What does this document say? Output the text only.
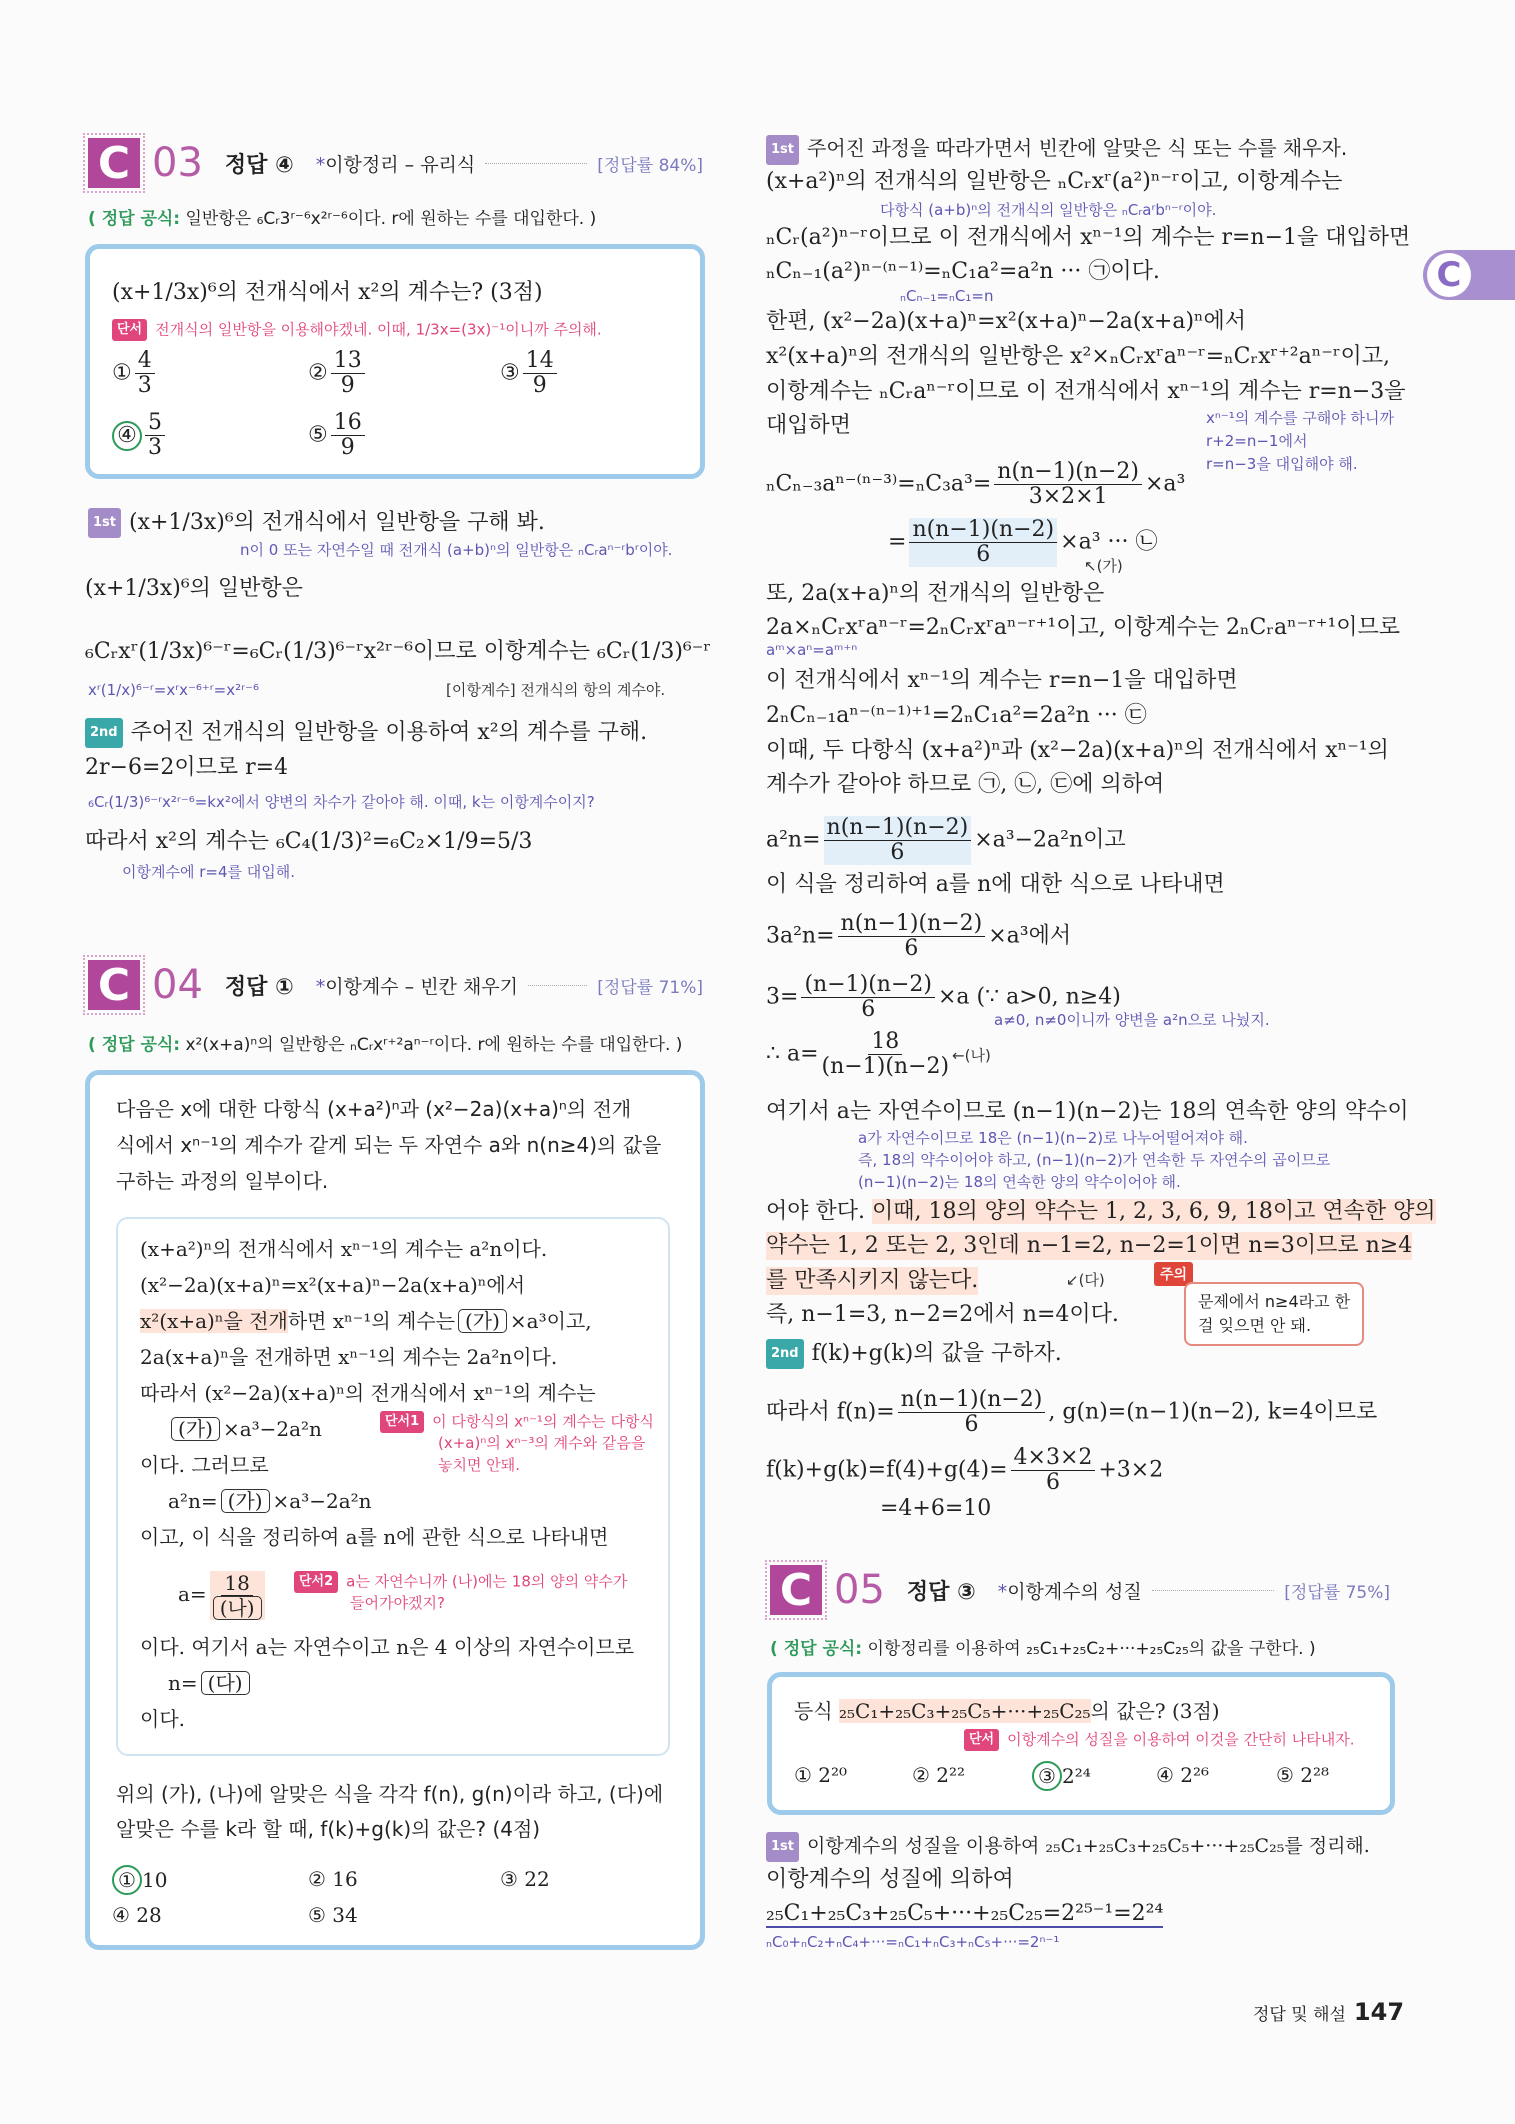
C
C 03 정답 ④ *이항정리 – 유리식	[정답률 84%]
( 정답 공식: 일반항은 ₆Cᵣ3ʳ⁻⁶x²ʳ⁻⁶이다. r에 원하는 수를 대입한다. )
(x+1/3x)⁶의 전개식에서 x²의 계수는? (3점)
단서 전개식의 일반항을 이용해야겠네. 이때, 1/3x=(3x)⁻¹이니까 주의해.
① $\frac{4}{3}$	② $\frac{13}{9}$	③ $\frac{14}{9}$
④ $\frac{5}{3}$	⑤ $\frac{16}{9}$
1st (x+1/3x)⁶의 전개식에서 일반항을 구해 봐.
n이 0 또는 자연수일 때 전개식 (a+b)ⁿ의 일반항은 ₙCᵣaⁿ⁻ʳbʳ이야.
(x+1/3x)⁶의 일반항은
₆Cᵣxʳ(1/3x)⁶⁻ʳ=₆Cᵣ(1/3)⁶⁻ʳx²ʳ⁻⁶이므로 이항계수는 ₆Cᵣ(1/3)⁶⁻ʳ
xʳ(1/x)⁶⁻ʳ=xʳx⁻⁶⁺ʳ=x²ʳ⁻⁶	[이항계수] 전개식의 항의 계수야.
2nd 주어진 전개식의 일반항을 이용하여 x²의 계수를 구해.
2r−6=2이므로 r=4
₆Cᵣ(1/3)⁶⁻ʳx²ʳ⁻⁶=kx²에서 양변의 차수가 같아야 해. 이때, k는 이항계수이지?
따라서 x²의 계수는 ₆C₄(1/3)²=₆C₂×1/9=5/3
이항계수에 r=4를 대입해.
C 04 정답 ① *이항계수 – 빈칸 채우기	[정답률 71%]
( 정답 공식: x²(x+a)ⁿ의 일반항은 ₙCᵣxʳ⁺²aⁿ⁻ʳ이다. r에 원하는 수를 대입한다. )
다음은 x에 대한 다항식 (x+a²)ⁿ과 (x²−2a)(x+a)ⁿ의 전개
식에서 xⁿ⁻¹의 계수가 같게 되는 두 자연수 a와 n(n≥4)의 값을
구하는 과정의 일부이다.
(x+a²)ⁿ의 전개식에서 xⁿ⁻¹의 계수는 a²n이다.
(x²−2a)(x+a)ⁿ=x²(x+a)ⁿ−2a(x+a)ⁿ에서
x²(x+a)ⁿ을 전개하면 xⁿ⁻¹의 계수는 (가) ×a³이고,
2a(x+a)ⁿ을 전개하면 xⁿ⁻¹의 계수는 2a²n이다.
따라서 (x²−2a)(x+a)ⁿ의 전개식에서 xⁿ⁻¹의 계수는
(가) ×a³−2a²n	단서1 이 다항식의 xⁿ⁻¹의 계수는 다항식
(x+a)ⁿ의 xⁿ⁻³의 계수와 같음을
놓치면 안돼.
이다. 그러므로
a²n= (가) ×a³−2a²n
이고, 이 식을 정리하여 a를 n에 관한 식으로 나타내면
$a= \frac{18}{\text{(나)}}$	단서2 a는 자연수니까 (나)에는 18의 양의 약수가
들어가야겠지?
이다. 여기서 a는 자연수이고 n은 4 이상의 자연수이므로
n= (다)
이다.
위의 (가), (나)에 알맞은 식을 각각 f(n), g(n)이라 하고, (다)에
알맞은 수를 k라 할 때, f(k)+g(k)의 값은? (4점)
① 10	② 16	③ 22
④ 28	⑤ 34
1st 주어진 과정을 따라가면서 빈칸에 알맞은 식 또는 수를 채우자.
(x+a²)ⁿ의 전개식의 일반항은 ₙCᵣxʳ(a²)ⁿ⁻ʳ이고, 이항계수는
다항식 (a+b)ⁿ의 전개식의 일반항은 ₙCᵣaʳbⁿ⁻ʳ이야.
ₙCᵣ(a²)ⁿ⁻ʳ이므로 이 전개식에서 xⁿ⁻¹의 계수는 r=n−1을 대입하면
ₙCₙ₋₁(a²)ⁿ⁻⁽ⁿ⁻¹⁾=ₙC₁a²=a²n ··· ㉠이다.
ₙCₙ₋₁=ₙC₁=n
한편, (x²−2a)(x+a)ⁿ=x²(x+a)ⁿ−2a(x+a)ⁿ에서
x²(x+a)ⁿ의 전개식의 일반항은 x²×ₙCᵣxʳaⁿ⁻ʳ=ₙCᵣxʳ⁺²aⁿ⁻ʳ이고,
이항계수는 ₙCᵣaⁿ⁻ʳ이므로 이 전개식에서 xⁿ⁻¹의 계수는 r=n−3을
대입하면	xⁿ⁻¹의 계수를 구해야 하니까
r+2=n−1에서
r=n−3을 대입해야 해.
$_nC_{n-3}a^{n-(n-3)}=_nC_3a^3= \frac{n(n-1)(n-2)}{3\times 2\times 1} \times a^3$
= $\frac{n(n-1)(n-2)}{6} \times a^3$ ··· ㉡
↖(가)
또, 2a(x+a)ⁿ의 전개식의 일반항은
2a×ₙCᵣxʳaⁿ⁻ʳ=2ₙCᵣxʳaⁿ⁻ʳ⁺¹이고, 이항계수는 2ₙCᵣaⁿ⁻ʳ⁺¹이므로
aᵐ×aⁿ=aᵐ⁺ⁿ
이 전개식에서 xⁿ⁻¹의 계수는 r=n−1을 대입하면
2ₙCₙ₋₁aⁿ⁻⁽ⁿ⁻¹⁾⁺¹=2ₙC₁a²=2a²n ··· ㉢
이때, 두 다항식 (x+a²)ⁿ과 (x²−2a)(x+a)ⁿ의 전개식에서 xⁿ⁻¹의
계수가 같아야 하므로 ㉠, ㉡, ㉢에 의하여
$a^2n= \frac{n(n-1)(n-2)}{6} \times a^3-2a^2n$이고
이 식을 정리하여 a를 n에 대한 식으로 나타내면
$3a^2n= \frac{n(n-1)(n-2)}{6} \times a^3$에서
$3= \frac{(n-1)(n-2)}{6} \times a$ (∵ a>0, n≥4)
a≠0, n≠0이니까 양변을 a²n으로 나눴지.
∴ $a= \frac{18}{(n-1)(n-2)}$ ←(나)
여기서 a는 자연수이므로 (n−1)(n−2)는 18의 연속한 양의 약수이
a가 자연수이므로 18은 (n−1)(n−2)로 나누어떨어져야 해.
즉, 18의 약수이어야 하고, (n−1)(n−2)가 연속한 두 자연수의 곱이므로
(n−1)(n−2)는 18의 연속한 양의 약수이어야 해.
어야 한다. 이때, 18의 양의 약수는 1, 2, 3, 6, 9, 18이고 연속한 양의
약수는 1, 2 또는 2, 3인데 n−1=2, n−2=1이면 n=3이므로 n≥4
를 만족시키지 않는다.	↙(다)
즉, n−1=3, n−2=2에서 n=4이다.
주의
문제에서 n≥4라고 한
걸 잊으면 안 돼.
2nd f(k)+g(k)의 값을 구하자.
따라서 $f(n)= \frac{n(n-1)(n-2)}{6}$ , g(n)=(n−1)(n−2), k=4이므로
$f(k)+g(k)=f(4)+g(4)= \frac{4\times 3\times 2}{6} +3\times 2$
=4+6=10
C 05 정답 ③ *이항계수의 성질	[정답률 75%]
( 정답 공식: 이항정리를 이용하여 ₂₅C₁+₂₅C₂+···+₂₅C₂₅의 값을 구한다. )
등식 ₂₅C₁+₂₅C₃+₂₅C₅+···+₂₅C₂₅의 값은? (3점)
단서 이항계수의 성질을 이용하여 이것을 간단히 나타내자.
① 2²⁰	② 2²²	③ 2²⁴	④ 2²⁶	⑤ 2²⁸
1st 이항계수의 성질을 이용하여 ₂₅C₁+₂₅C₃+₂₅C₅+···+₂₅C₂₅를 정리해.
이항계수의 성질에 의하여
₂₅C₁+₂₅C₃+₂₅C₅+···+₂₅C₂₅=2²⁵⁻¹=2²⁴
ₙC₀+ₙC₂+ₙC₄+···=ₙC₁+ₙC₃+ₙC₅+···=2ⁿ⁻¹
정답 및 해설 147
